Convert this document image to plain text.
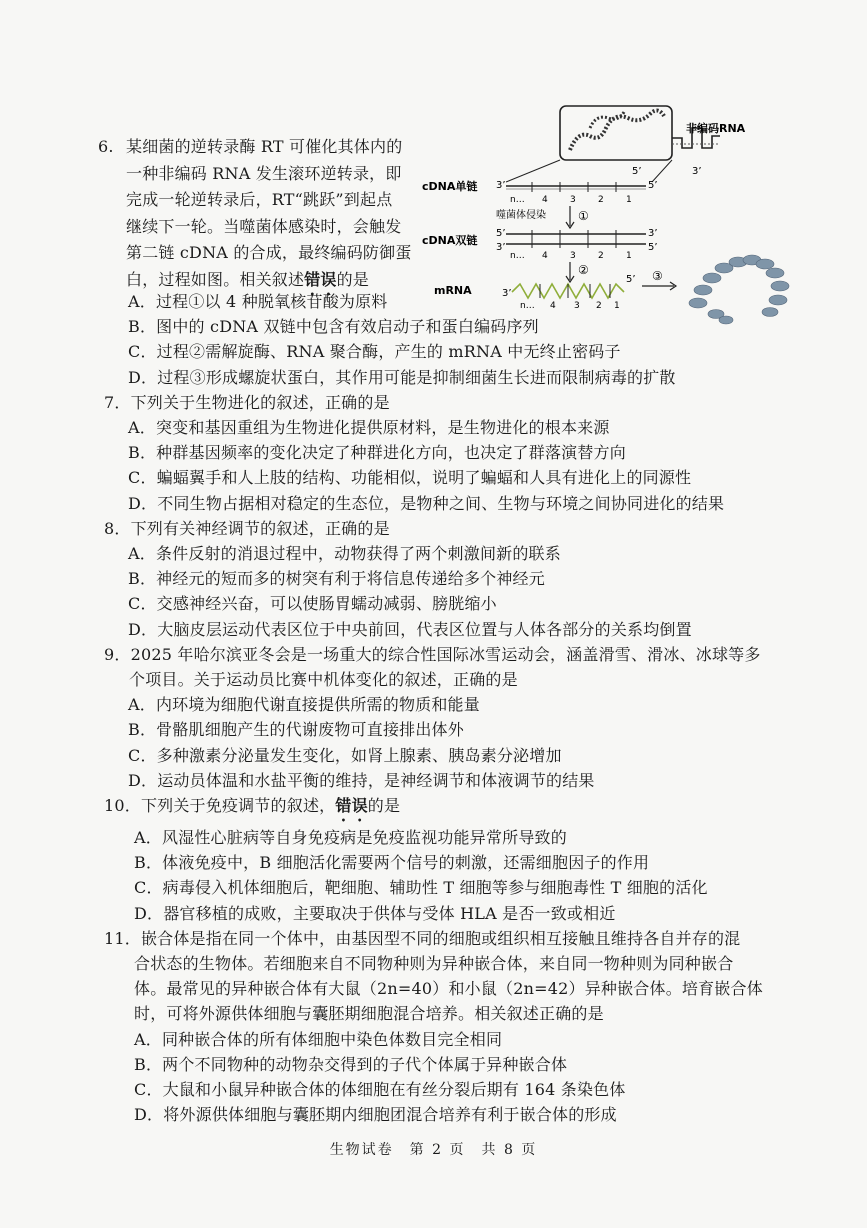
6. 某细菌的逆转录酶 RT 可催化其体内的
一种非编码 RNA 发生滚环逆转录，即
完成一轮逆转录后，RT“跳跃”到起点
继续下一轮。当噬菌体感染时，会触发
第二链 cDNA 的合成，最终编码防御蛋
白，过程如图。相关叙述错误的是
非编码RNA
5’	3’
cDNA单链 3’	5’
n… 4 3 2 1
噬菌体侵染	①
cDNA双链
5’
3’
3’
5’
n… 4 3 2 1
②
mRNA	3’
5’
n… 4 3 2 1
③
A．过程①以 4 种脱氧核苷酸为原料
B．图中的 cDNA 双链中包含有效启动子和蛋白编码序列
C．过程②需解旋酶、RNA 聚合酶，产生的 mRNA 中无终止密码子
D．过程③形成螺旋状蛋白，其作用可能是抑制细菌生长进而限制病毒的扩散
7．下列关于生物进化的叙述，正确的是
A．突变和基因重组为生物进化提供原材料，是生物进化的根本来源
B．种群基因频率的变化决定了种群进化方向，也决定了群落演替方向
C．蝙蝠翼手和人上肢的结构、功能相似，说明了蝙蝠和人具有进化上的同源性
D．不同生物占据相对稳定的生态位，是物种之间、生物与环境之间协同进化的结果
8．下列有关神经调节的叙述，正确的是
A．条件反射的消退过程中，动物获得了两个刺激间新的联系
B．神经元的短而多的树突有利于将信息传递给多个神经元
C．交感神经兴奋，可以使肠胃蠕动减弱、膀胱缩小
D．大脑皮层运动代表区位于中央前回，代表区位置与人体各部分的关系均倒置
9．2025 年哈尔滨亚冬会是一场重大的综合性国际冰雪运动会，涵盖滑雪、滑冰、冰球等多
个项目。关于运动员比赛中机体变化的叙述，正确的是
A．内环境为细胞代谢直接提供所需的物质和能量
B．骨骼肌细胞产生的代谢废物可直接排出体外
C．多种激素分泌量发生变化，如肾上腺素、胰岛素分泌增加
D．运动员体温和水盐平衡的维持，是神经调节和体液调节的结果
10．下列关于免疫调节的叙述，错误的是
A．风湿性心脏病等自身免疫病是免疫监视功能异常所导致的
B．体液免疫中，B 细胞活化需要两个信号的刺激，还需细胞因子的作用
C．病毒侵入机体细胞后，靶细胞、辅助性 T 细胞等参与细胞毒性 T 细胞的活化
D．器官移植的成败，主要取决于供体与受体 HLA 是否一致或相近
11．嵌合体是指在同一个体中，由基因型不同的细胞或组织相互接触且维持各自并存的混
合状态的生物体。若细胞来自不同物种则为异种嵌合体，来自同一物种则为同种嵌合
体。最常见的异种嵌合体有大鼠（2n=40）和小鼠（2n=42）异种嵌合体。培育嵌合体
时，可将外源供体细胞与囊胚期细胞混合培养。相关叙述正确的是
A．同种嵌合体的所有体细胞中染色体数目完全相同
B．两个不同物种的动物杂交得到的子代个体属于异种嵌合体
C．大鼠和小鼠异种嵌合体的体细胞在有丝分裂后期有 164 条染色体
D．将外源供体细胞与囊胚期内细胞团混合培养有利于嵌合体的形成
生物试卷　第 2 页　共 8 页
